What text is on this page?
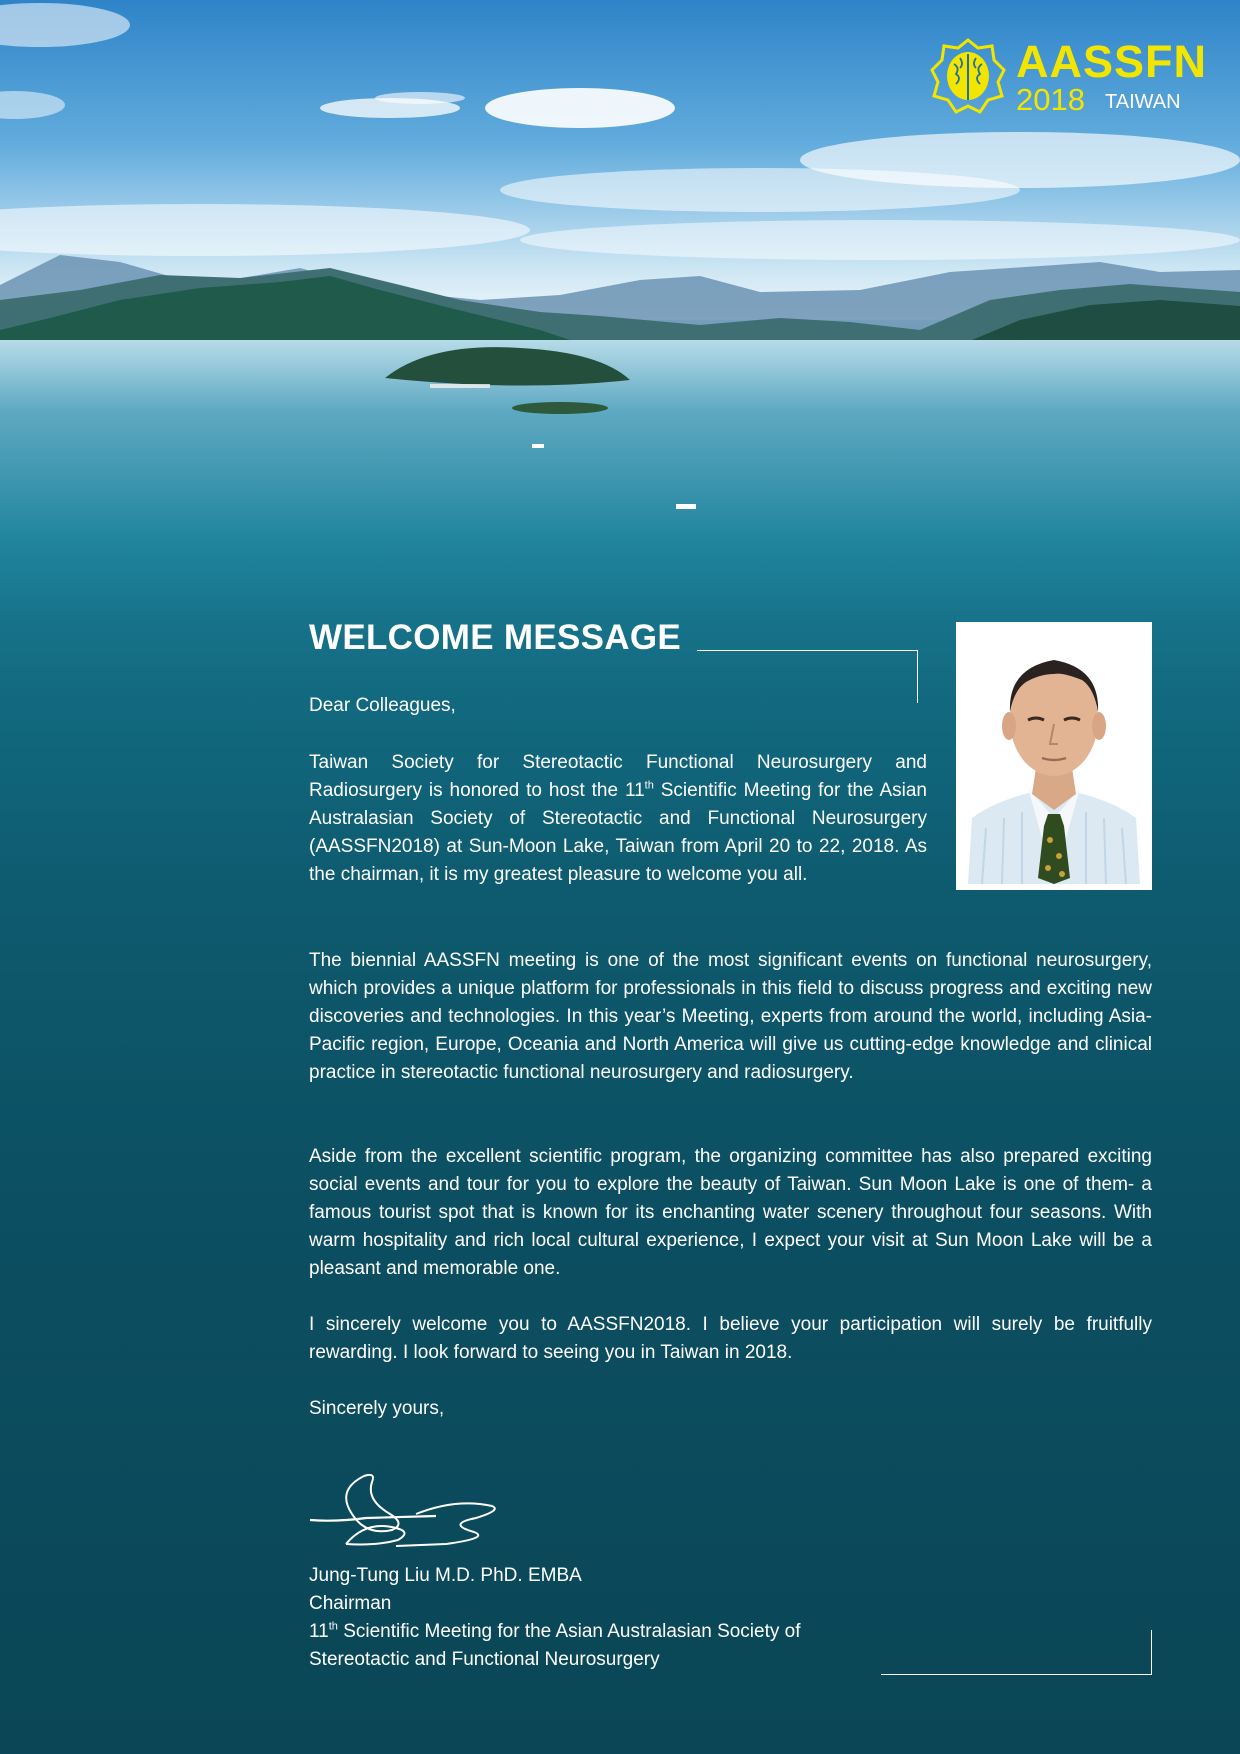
AASSFN
2018 TAIWAN
WELCOME MESSAGE

Dear Colleagues,

Taiwan Society for Stereotactic Functional Neurosurgery and Radiosurgery is honored to host the 11th Scientific Meeting for the Asian Australasian Society of Stereotactic and Functional Neurosurgery (AASSFN2018) at Sun-Moon Lake, Taiwan from April 20 to 22, 2018. As the chairman, it is my greatest pleasure to welcome you all.

The biennial AASSFN meeting is one of the most significant events on functional neurosurgery, which provides a unique platform for professionals in this field to discuss progress and exciting new discoveries and technologies. In this year’s Meeting, experts from around the world, including Asia-Pacific region, Europe, Oceania and North America will give us cutting-edge knowledge and clinical practice in stereotactic functional neurosurgery and radiosurgery.

Aside from the excellent scientific program, the organizing committee has also prepared exciting social events and tour for you to explore the beauty of Taiwan. Sun Moon Lake is one of them- a famous tourist spot that is known for its enchanting water scenery throughout four seasons. With warm hospitality and rich local cultural experience, I expect your visit at Sun Moon Lake will be a pleasant and memorable one.

I sincerely welcome you to AASSFN2018. I believe your participation will surely be fruitfully rewarding. I look forward to seeing you in Taiwan in 2018.

Sincerely yours,

Jung-Tung Liu M.D. PhD. EMBA
Chairman
11th Scientific Meeting for the Asian Australasian Society of
Stereotactic and Functional Neurosurgery
